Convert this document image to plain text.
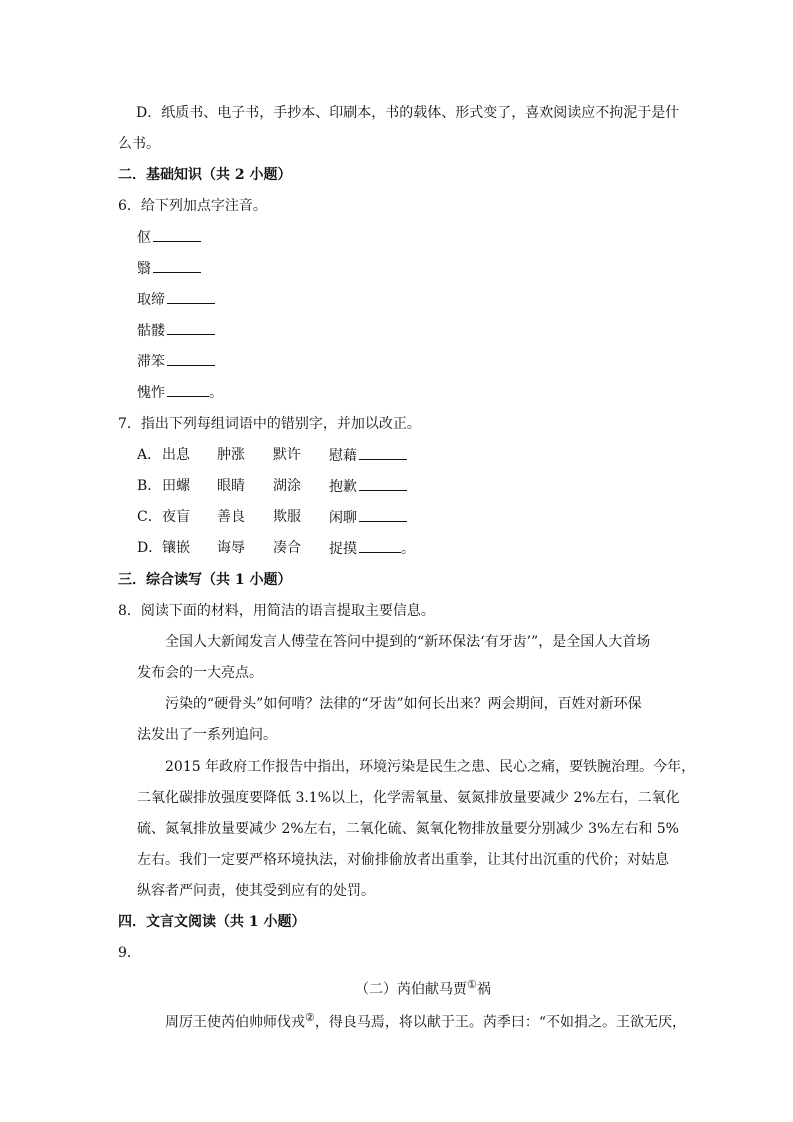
D．纸质书、电子书，手抄本、印刷本，书的载体、形式变了，喜欢阅读应不拘泥于是什
么书。
二．基础知识（共 2 小题）
6．给下列加点字注音。
伛
翳
取缔
骷髅
滞笨
愧怍	。
7．指出下列每组词语中的错别字，并加以改正。
A． 出息 肿涨 默许 慰藉
B． 田螺 眼睛 湖涂 抱歉
C． 夜盲 善良 欺服 闲聊
D． 镶嵌 诲辱 凑合 捉摸	。
三．综合读写（共 1 小题）
8．阅读下面的材料，用简洁的语言提取主要信息。
全国人大新闻发言人傅莹在答问中提到的“新环保法‘有牙齿’”，是全国人大首场
发布会的一大亮点。
污染的“硬骨头”如何啃？法律的“牙齿”如何长出来？两会期间，百姓对新环保
法发出了一系列追问。
2015 年政府工作报告中指出，环境污染是民生之患、民心之痛，要铁腕治理。今年，
二氧化碳排放强度要降低 3.1%以上，化学需氧量、氨氮排放量要减少 2%左右，二氧化
硫、氮氧排放量要减少 2%左右，二氧化硫、氮氧化物排放量要分别减少 3%左右和 5%
左右。我们一定要严格环境执法，对偷排偷放者出重拳，让其付出沉重的代价；对姑息
纵容者严问责，使其受到应有的处罚。
四．文言文阅读（共 1 小题）
9．
（二）芮伯献马贾①祸
周厉王使芮伯帅师伐戎②，得良马焉，将以献于王。芮季曰：“不如捐之。王欲无厌，
